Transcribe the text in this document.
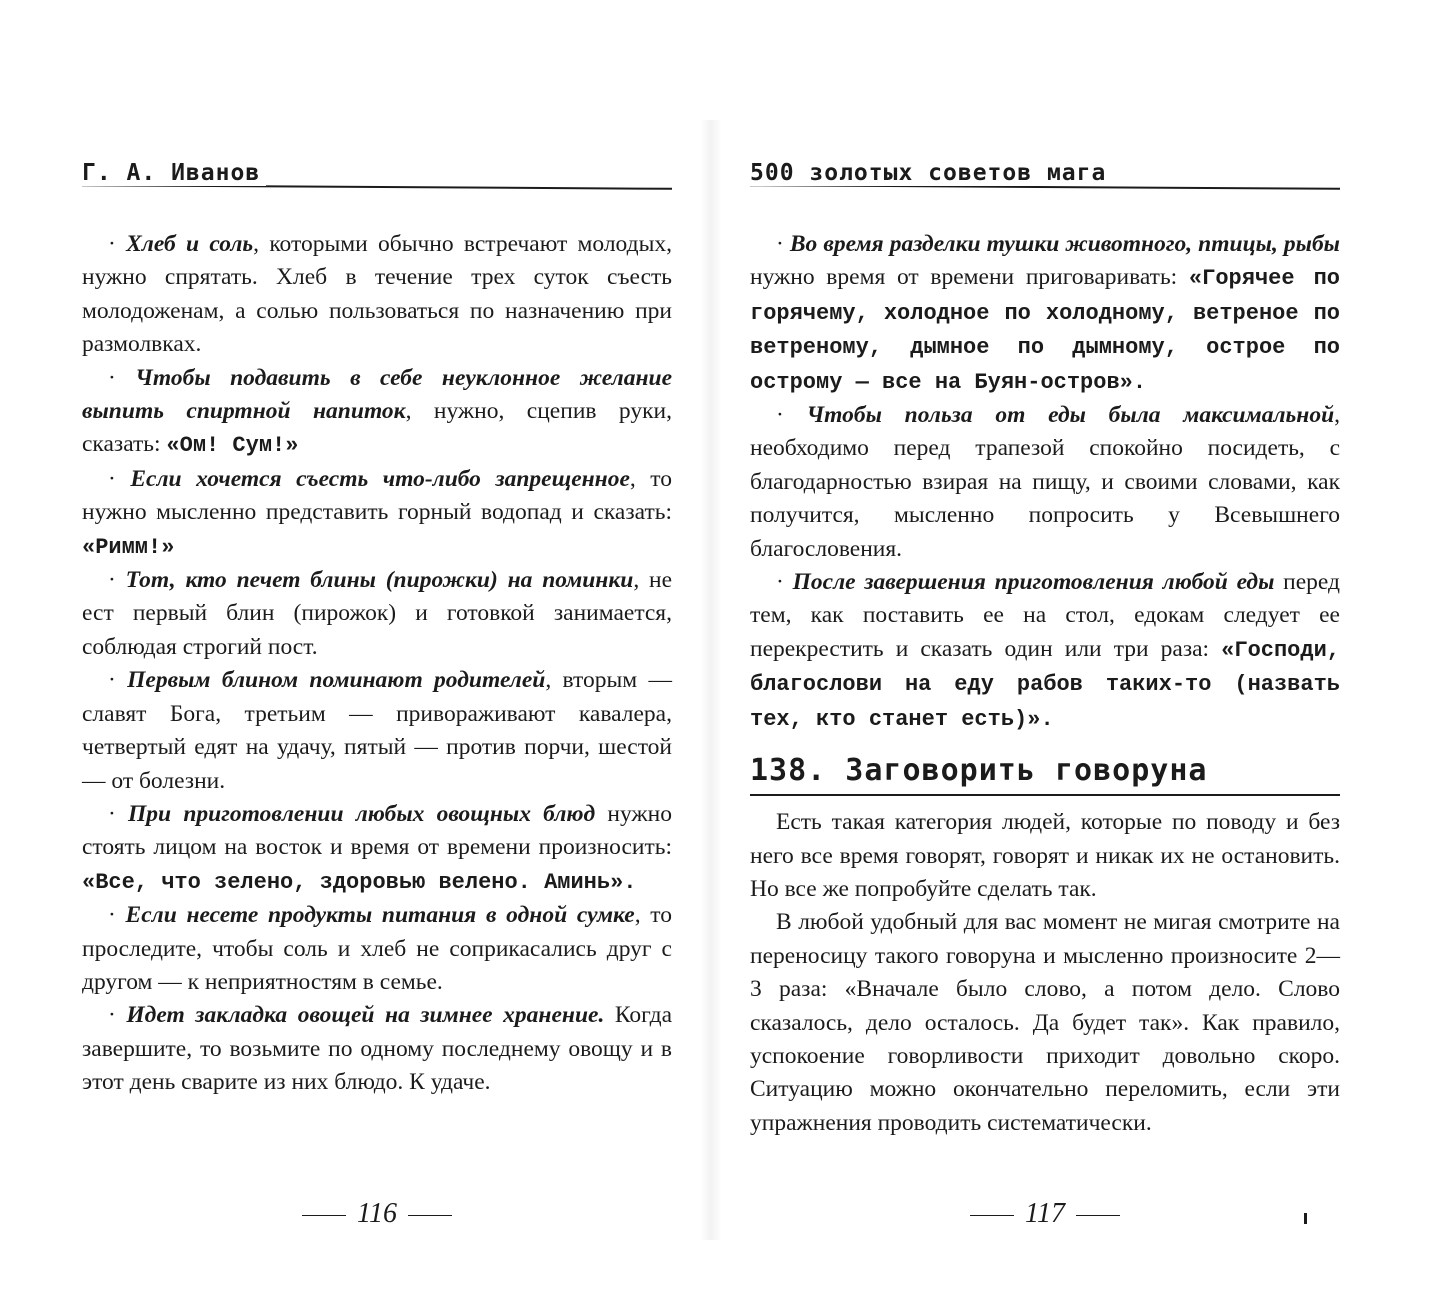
Г. А. Иванов

· Хлеб и соль, которыми обычно встречают молодых, нужно спрятать. Хлеб в течение трех суток съесть молодоженам, а солью пользоваться по назначению при размолвках.

· Чтобы подавить в себе неуклонное желание выпить спиртной напиток, нужно, сцепив руки, сказать: «Ом! Сум!»

· Если хочется съесть что-либо запрещенное, то нужно мысленно представить горный водопад и сказать: «Римм!»

· Тот, кто печет блины (пирожки) на поминки, не ест первый блин (пирожок) и готовкой занимается, соблюдая строгий пост.

· Первым блином поминают родителей, вторым — славят Бога, третьим — привораживают кавалера, четвертый едят на удачу, пятый — против порчи, шестой — от болезни.

· При приготовлении любых овощных блюд нужно стоять лицом на восток и время от времени произносить: «Все, что зелено, здоровью велено. Аминь».

· Если несете продукты питания в одной сумке, то проследите, чтобы соль и хлеб не соприкасались друг с другом — к неприятностям в семье.

· Идет закладка овощей на зимнее хранение. Когда завершите, то возьмите по одному последнему овощу и в этот день сварите из них блюдо. К удаче.

116
500 золотых советов мага

· Во время разделки тушки животного, птицы, рыбы нужно время от времени приговаривать: «Горячее по горячему, холодное по холодному, ветреное по ветреному, дымное по дымному, острое по острому — все на Буян-остров».

· Чтобы польза от еды была максимальной, необходимо перед трапезой спокойно посидеть, с благодарностью взирая на пищу, и своими словами, как получится, мысленно попросить у Всевышнего благословения.

· После завершения приготовления любой еды перед тем, как поставить ее на стол, едокам следует ее перекрестить и сказать один или три раза: «Господи, благослови на еду рабов таких-то (назвать тех, кто станет есть)».

138. Заговорить говоруна

Есть такая категория людей, которые по поводу и без него все время говорят, говорят и никак их не остановить. Но все же попробуйте сделать так.

В любой удобный для вас момент не мигая смотрите на переносицу такого говоруна и мысленно произносите 2—3 раза: «Вначале было слово, а потом дело. Слово сказалось, дело осталось. Да будет так». Как правило, успокоение говорливости приходит довольно скоро. Ситуацию можно окончательно переломить, если эти упражнения проводить систематически.

117
